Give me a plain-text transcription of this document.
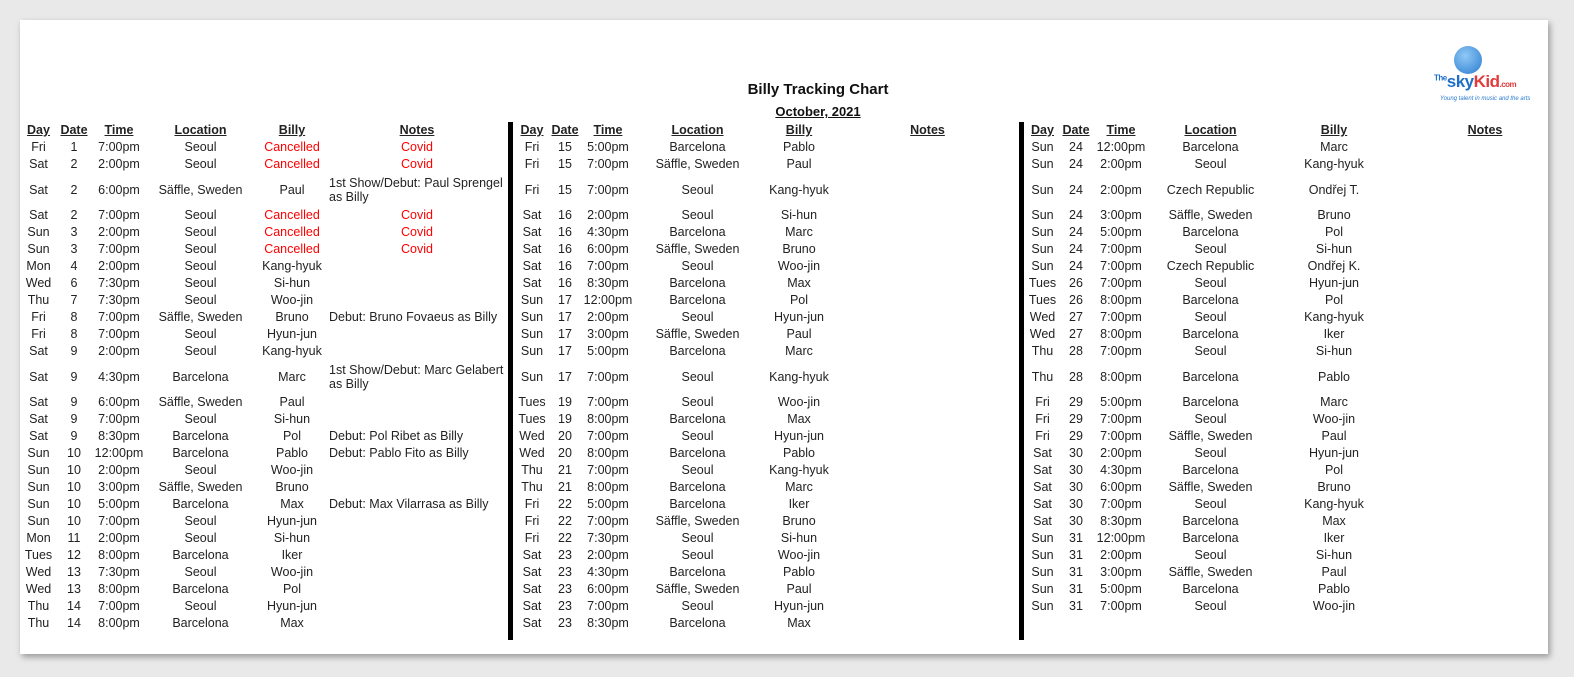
Billy Tracking Chart
October, 2021
$^{The}$skyKid.com
Young talent in music and the arts
Day Date	Time	Location	Billy	Notes
Fri	1	7:00pm	Seoul	Cancelled	Covid
Sat	2	2:00pm	Seoul	Cancelled	Covid
Sat	2	6:00pm	Säffle, Sweden	Paul	1st Show/Debut: Paul Sprengel as Billy
Sat	2	7:00pm	Seoul	Cancelled	Covid
Sun	3	2:00pm	Seoul	Cancelled	Covid
Sun	3	7:00pm	Seoul	Cancelled	Covid
Mon	4	2:00pm	Seoul	Kang-hyuk
Wed	6	7:30pm	Seoul	Si-hun
Thu	7	7:30pm	Seoul	Woo-jin
Fri	8	7:00pm	Säffle, Sweden	Bruno	Debut: Bruno Fovaeus as Billy
Fri	8	7:00pm	Seoul	Hyun-jun
Sat	9	2:00pm	Seoul	Kang-hyuk
Sat	9	4:30pm	Barcelona	Marc	1st Show/Debut: Marc Gelabert as Billy
Sat	9	6:00pm	Säffle, Sweden	Paul
Sat	9	7:00pm	Seoul	Si-hun
Sat	9	8:30pm	Barcelona	Pol	Debut: Pol Ribet as Billy
Sun	10	12:00pm	Barcelona	Pablo	Debut: Pablo Fito as Billy
Sun	10	2:00pm	Seoul	Woo-jin
Sun	10	3:00pm	Säffle, Sweden	Bruno
Sun	10	5:00pm	Barcelona	Max	Debut: Max Vilarrasa as Billy
Sun	10	7:00pm	Seoul	Hyun-jun
Mon	11	2:00pm	Seoul	Si-hun
Tues	12	8:00pm	Barcelona	Iker
Wed	13	7:30pm	Seoul	Woo-jin
Wed	13	8:00pm	Barcelona	Pol
Thu	14	7:00pm	Seoul	Hyun-jun
Thu	14	8:00pm	Barcelona	Max
Day Date	Time	Location	Billy	Notes
Fri	15	5:00pm	Barcelona	Pablo
Fri	15	7:00pm	Säffle, Sweden	Paul
Fri	15	7:00pm	Seoul	Kang-hyuk
Sat	16	2:00pm	Seoul	Si-hun
Sat	16	4:30pm	Barcelona	Marc
Sat	16	6:00pm	Säffle, Sweden	Bruno
Sat	16	7:00pm	Seoul	Woo-jin
Sat	16	8:30pm	Barcelona	Max
Sun	17 12:00pm	Barcelona	Pol
Sun	17	2:00pm	Seoul	Hyun-jun
Sun	17	3:00pm	Säffle, Sweden	Paul
Sun	17	5:00pm	Barcelona	Marc
Sun	17	7:00pm	Seoul	Kang-hyuk
Tues 19	7:00pm	Seoul	Woo-jin
Tues 19	8:00pm	Barcelona	Max
Wed	20	7:00pm	Seoul	Hyun-jun
Wed	20	8:00pm	Barcelona	Pablo
Thu	21	7:00pm	Seoul	Kang-hyuk
Thu	21	8:00pm	Barcelona	Marc
Fri	22	5:00pm	Barcelona	Iker
Fri	22	7:00pm	Säffle, Sweden	Bruno
Fri	22	7:30pm	Seoul	Si-hun
Sat	23	2:00pm	Seoul	Woo-jin
Sat	23	4:30pm	Barcelona	Pablo
Sat	23	6:00pm	Säffle, Sweden	Paul
Sat	23	7:00pm	Seoul	Hyun-jun
Sat	23	8:30pm	Barcelona	Max
Day Date	Time	Location	Billy	Notes
Sun	24	12:00pm	Barcelona	Marc
Sun	24	2:00pm	Seoul	Kang-hyuk
Sun	24	2:00pm	Czech Republic	Ondřej T.
Sun	24	3:00pm	Säffle, Sweden	Bruno
Sun	24	5:00pm	Barcelona	Pol
Sun	24	7:00pm	Seoul	Si-hun
Sun	24	7:00pm	Czech Republic	Ondřej K.
Tues	26	7:00pm	Seoul	Hyun-jun
Tues	26	8:00pm	Barcelona	Pol
Wed	27	7:00pm	Seoul	Kang-hyuk
Wed	27	8:00pm	Barcelona	Iker
Thu	28	7:00pm	Seoul	Si-hun
Thu	28	8:00pm	Barcelona	Pablo
Fri	29	5:00pm	Barcelona	Marc
Fri	29	7:00pm	Seoul	Woo-jin
Fri	29	7:00pm	Säffle, Sweden	Paul
Sat	30	2:00pm	Seoul	Hyun-jun
Sat	30	4:30pm	Barcelona	Pol
Sat	30	6:00pm	Säffle, Sweden	Bruno
Sat	30	7:00pm	Seoul	Kang-hyuk
Sat	30	8:30pm	Barcelona	Max
Sun	31	12:00pm	Barcelona	Iker
Sun	31	2:00pm	Seoul	Si-hun
Sun	31	3:00pm	Säffle, Sweden	Paul
Sun	31	5:00pm	Barcelona	Pablo
Sun	31	7:00pm	Seoul	Woo-jin
